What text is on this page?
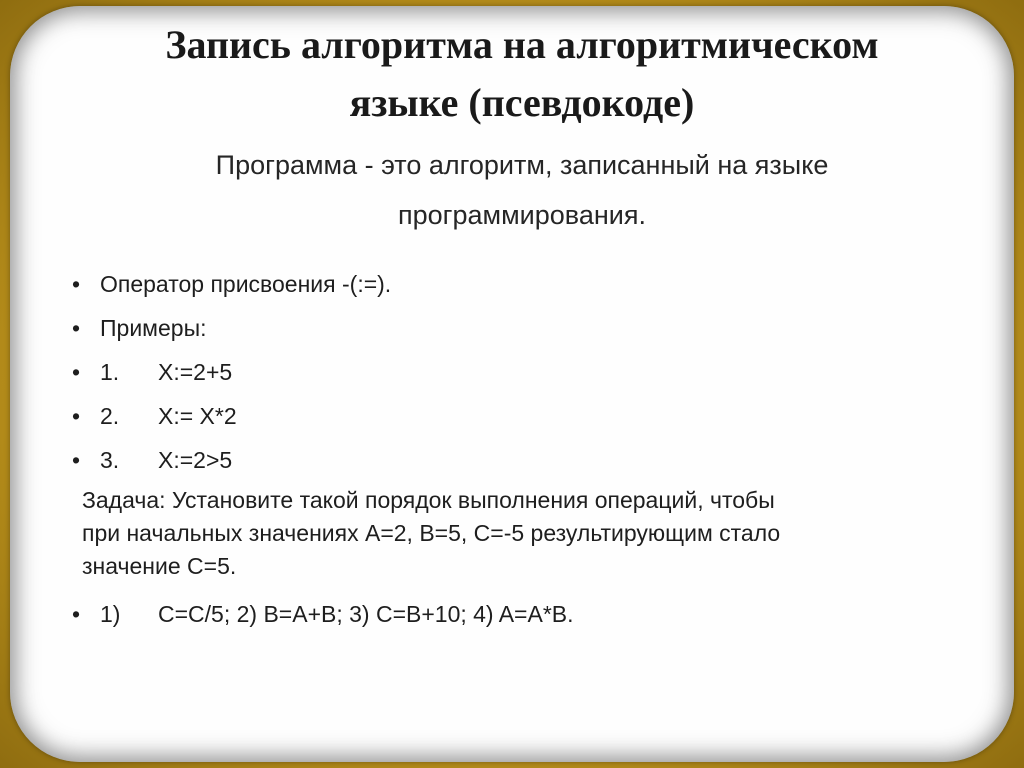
Запись алгоритма на алгоритмическом
языке (псевдокоде)
Программа - это алгоритм, записанный на языке
программирования.
• Оператор присвоения -(:=).
• Примеры:
• 1. X:=2+5
• 2. X:= X*2
• 3. X:=2>5
Задача: Установите такой порядок выполнения операций, чтобы
при начальных значениях A=2, B=5, C=-5 результирующим стало
значение C=5.
• 1) C=C/5; 2) B=A+B; 3) C=B+10; 4) A=A*B.
